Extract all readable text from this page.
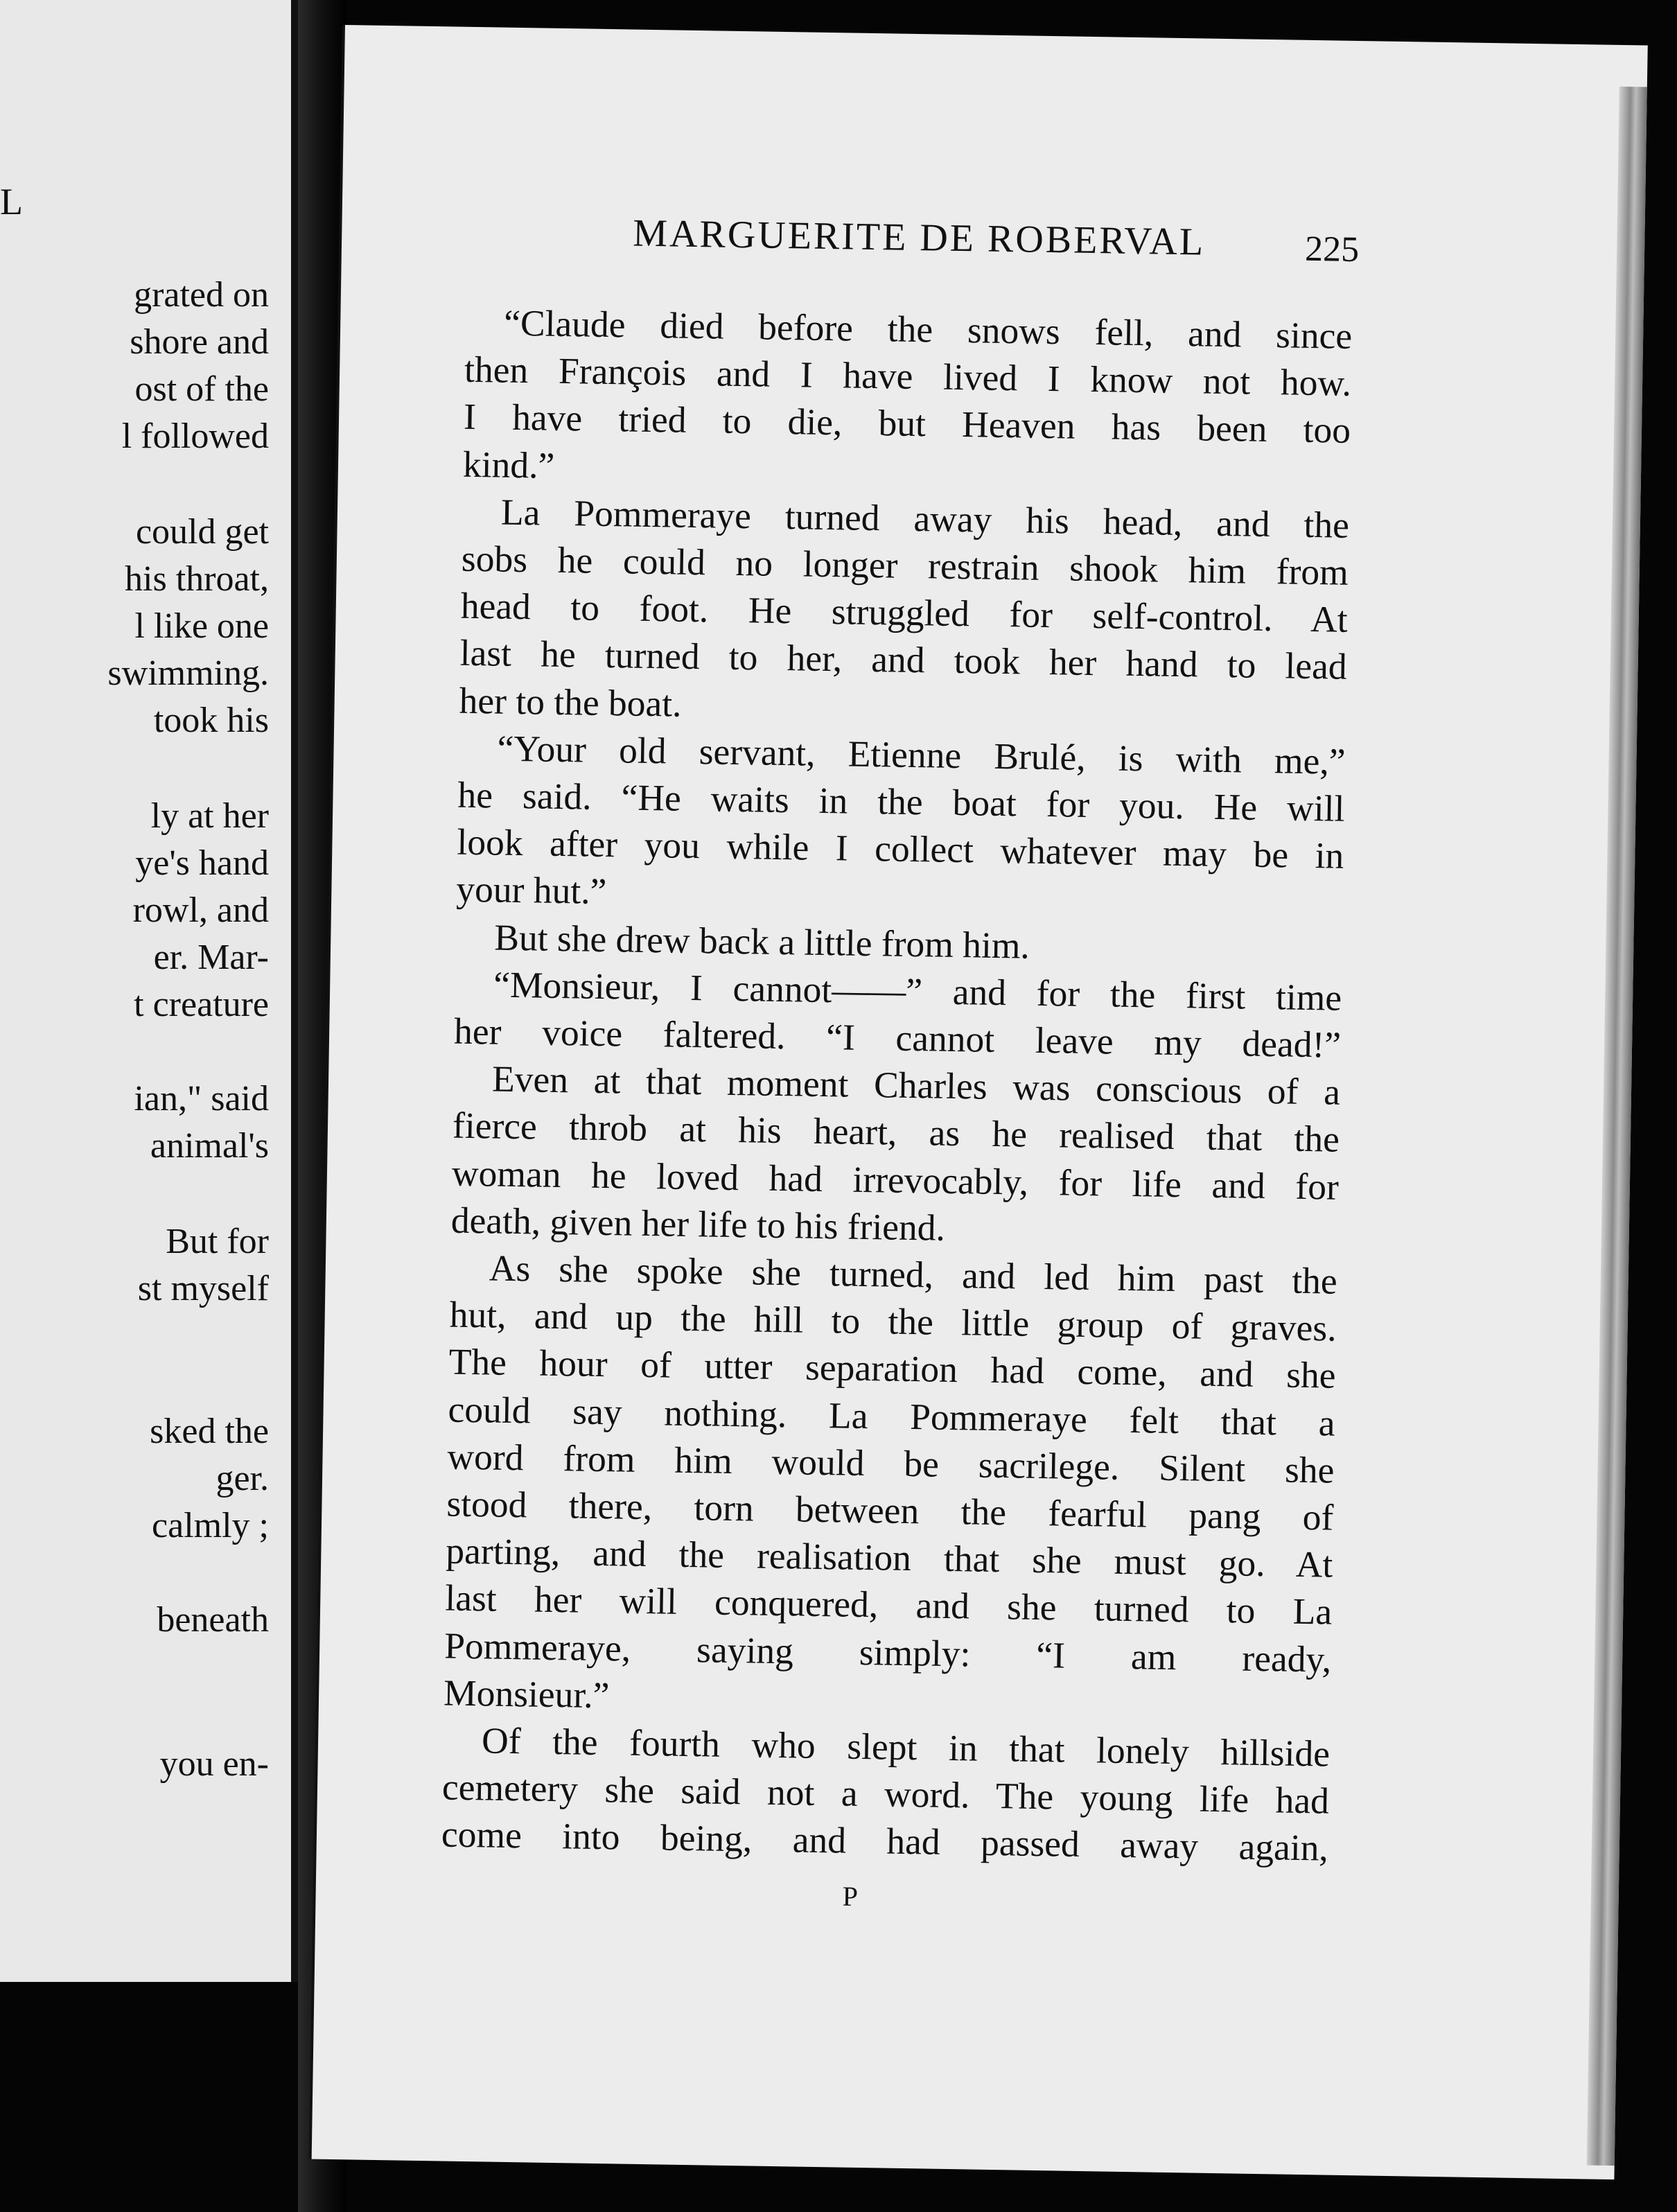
L
grated on
shore and
ost of the
l followed
could get
his throat,
l like one
swimming.
took his
ly at her
ye's hand
rowl, and
er. Mar-
t creature
ian," said
animal's
But for
st myself
sked the
ger.
calmly ;
beneath
you en-
MARGUERITE DE ROBERVAL	225
“Claude died before the snows fell, and since
then François and I have lived I know not how.
I have tried to die, but Heaven has been too
kind.”
La Pommeraye turned away his head, and the
sobs he could no longer restrain shook him from
head to foot. He struggled for self-control. At
last he turned to her, and took her hand to lead
her to the boat.
“Your old servant, Etienne Brulé, is with me,”
he said. “He waits in the boat for you. He will
look after you while I collect whatever may be in
your hut.”
But she drew back a little from him.
“Monsieur, I cannot——” and for the first time
her voice faltered. “I cannot leave my dead!”
Even at that moment Charles was conscious of a
fierce throb at his heart, as he realised that the
woman he loved had irrevocably, for life and for
death, given her life to his friend.
As she spoke she turned, and led him past the
hut, and up the hill to the little group of graves.
The hour of utter separation had come, and she
could say nothing. La Pommeraye felt that a
word from him would be sacrilege. Silent she
stood there, torn between the fearful pang of
parting, and the realisation that she must go. At
last her will conquered, and she turned to La
Pommeraye, saying simply: “I am ready,
Monsieur.”
Of the fourth who slept in that lonely hillside
cemetery she said not a word. The young life had
come into being, and had passed away again,
P
